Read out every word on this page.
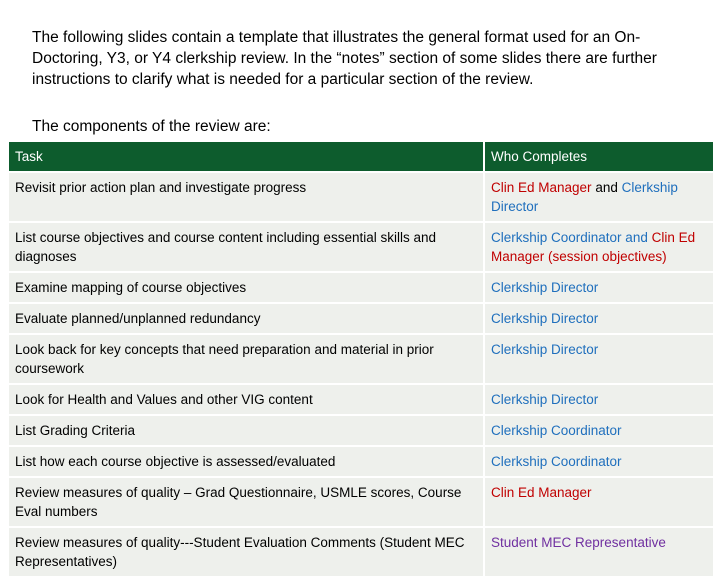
The following slides contain a template that illustrates the general format used for an On-Doctoring, Y3, or Y4 clerkship review. In the “notes” section of some slides there are further instructions to clarify what is needed for a particular section of the review.
The components of the review are:
Task	Who Completes
Revisit prior action plan and investigate progress	Clin Ed Manager and Clerkship Director
List course objectives and course content including essential skills and diagnoses	Clerkship Coordinator and Clin Ed Manager (session objectives)
Examine mapping of course objectives	Clerkship Director
Evaluate planned/unplanned redundancy	Clerkship Director
Look back for key concepts that need preparation and material in prior coursework	Clerkship Director
Look for Health and Values and other VIG content	Clerkship Director
List Grading Criteria	Clerkship Coordinator
List how each course objective is assessed/evaluated	Clerkship Coordinator
Review measures of quality – Grad Questionnaire, USMLE scores, Course Eval numbers	Clin Ed Manager
Review measures of quality---Student Evaluation Comments (Student MEC Representatives)	Student MEC Representative
